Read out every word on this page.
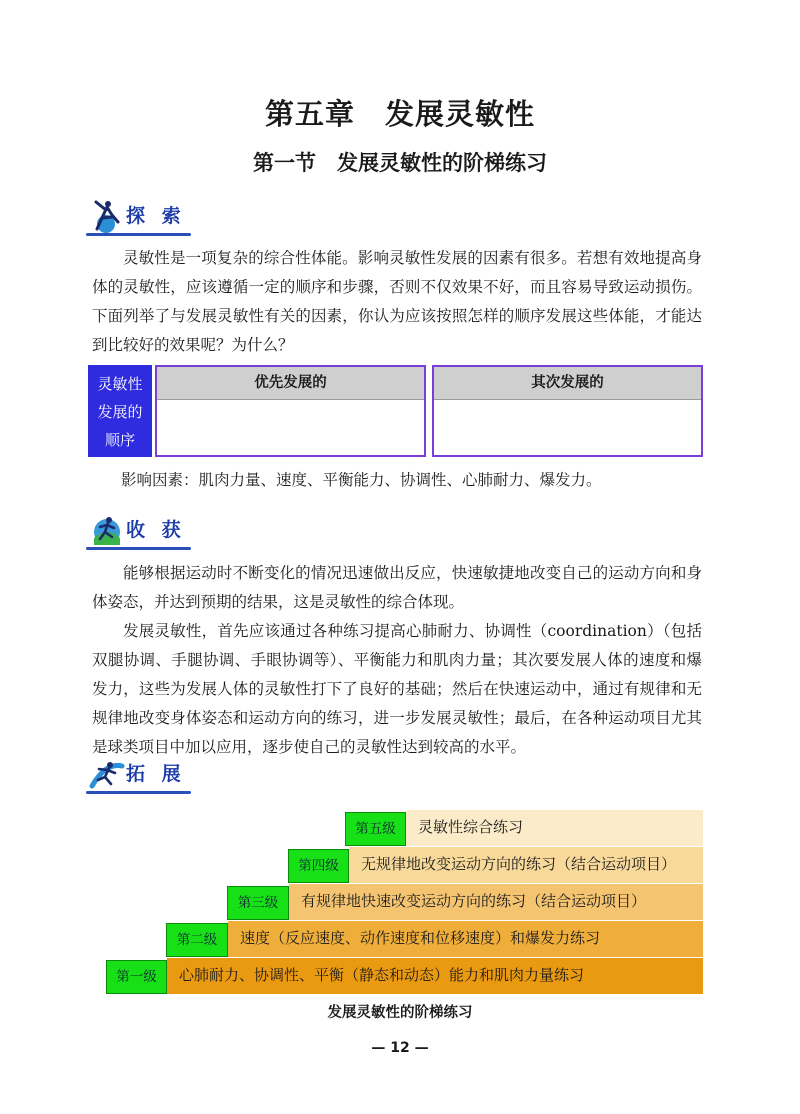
第五章　发展灵敏性
第一节　发展灵敏性的阶梯练习
探 索

灵敏性是一项复杂的综合性体能。影响灵敏性发展的因素有很多。若想有效地提高身体的灵敏性，应该遵循一定的顺序和步骤，否则不仅效果不好，而且容易导致运动损伤。下面列举了与发展灵敏性有关的因素，你认为应该按照怎样的顺序发展这些体能，才能达到比较好的效果呢？为什么？

灵敏性
发展的
顺序
优先发展的	其次发展的
影响因素：肌肉力量、速度、平衡能力、协调性、心肺耐力、爆发力。
收 获

能够根据运动时不断变化的情况迅速做出反应，快速敏捷地改变自己的运动方向和身体姿态，并达到预期的结果，这是灵敏性的综合体现。

发展灵敏性，首先应该通过各种练习提高心肺耐力、协调性（coordination）（包括双腿协调、手腿协调、手眼协调等）、平衡能力和肌肉力量；其次要发展人体的速度和爆发力，这些为发展人体的灵敏性打下了良好的基础；然后在快速运动中，通过有规律和无规律地改变身体姿态和运动方向的练习，进一步发展灵敏性；最后，在各种运动项目尤其是球类项目中加以应用，逐步使自己的灵敏性达到较高的水平。

拓 展
灵敏性综合练习
第五级
无规律地改变运动方向的练习（结合运动项目）
第四级
有规律地快速改变运动方向的练习（结合运动项目）
第三级
速度（反应速度、动作速度和位移速度）和爆发力练习
第二级
心肺耐力、协调性、平衡（静态和动态）能力和肌肉力量练习
第一级
发展灵敏性的阶梯练习
— 12 —
